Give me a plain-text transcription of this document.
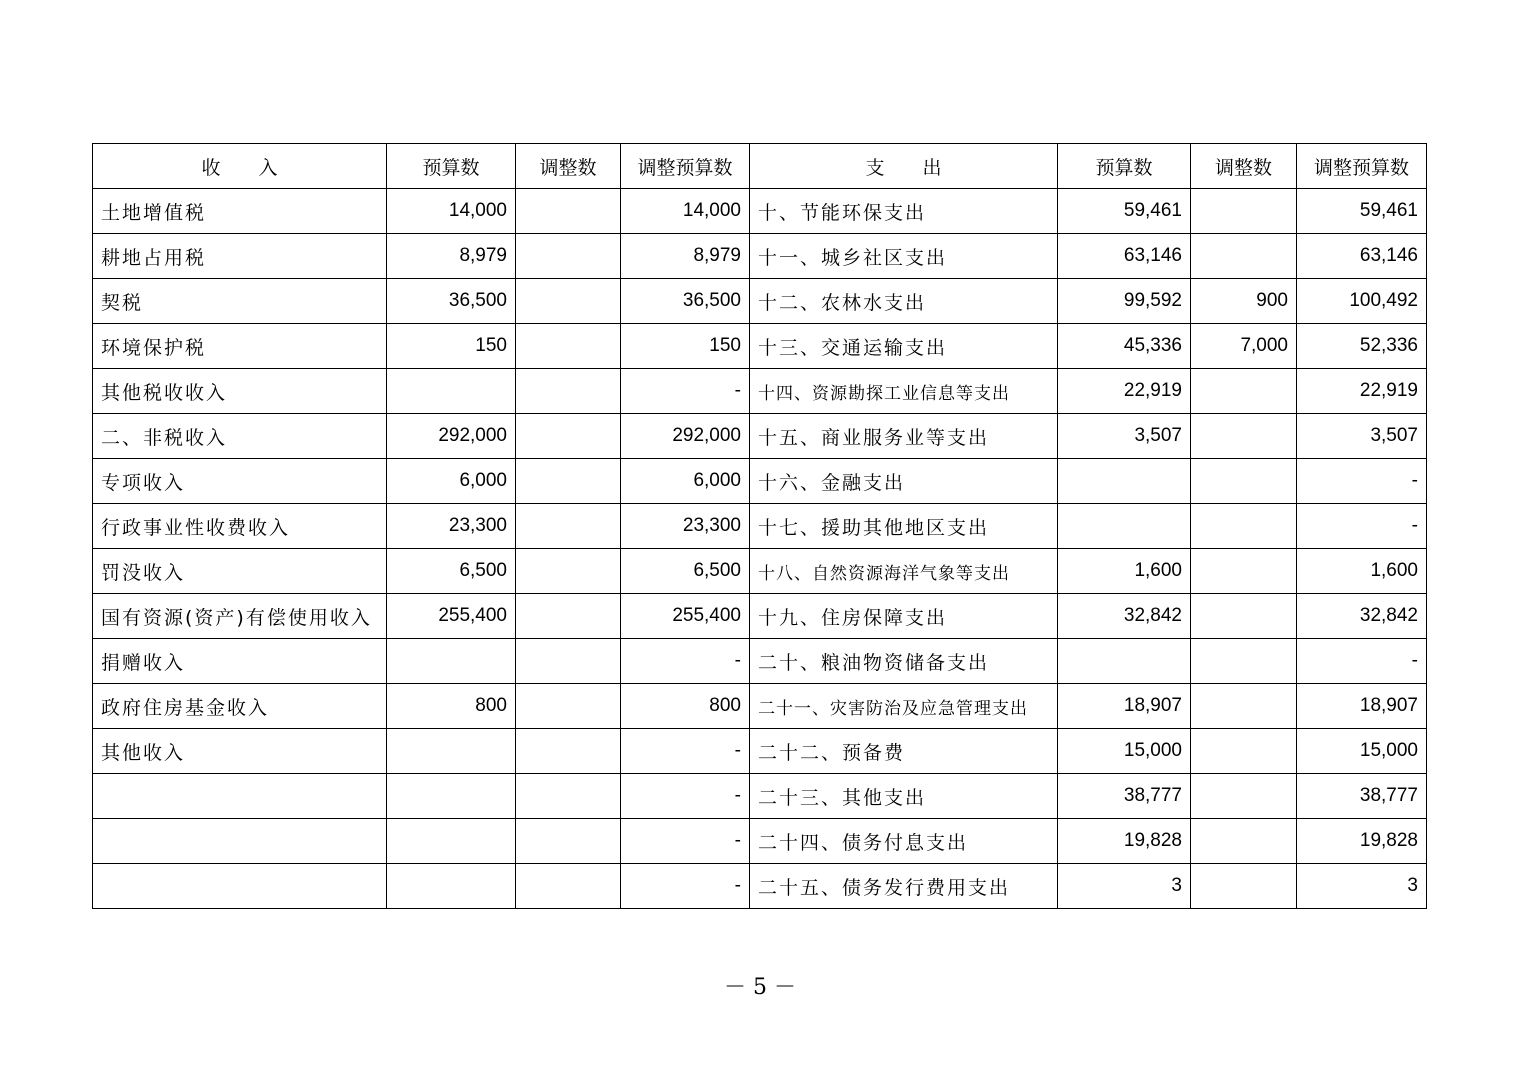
收　　入	预算数	调整数	调整预算数	支　　出	预算数	调整数	调整预算数
土地增值税	14,000		14,000	十、节能环保支出	59,461		59,461
耕地占用税	8,979		8,979	十一、城乡社区支出	63,146		63,146
契税	36,500		36,500	十二、农林水支出	99,592	900	100,492
环境保护税	150		150	十三、交通运输支出	45,336	7,000	52,336
其他税收收入			-	十四、资源勘探工业信息等支出	22,919		22,919
二、非税收入	292,000		292,000	十五、商业服务业等支出	3,507		3,507
专项收入	6,000		6,000	十六、金融支出			-
行政事业性收费收入	23,300		23,300	十七、援助其他地区支出			-
罚没收入	6,500		6,500	十八、自然资源海洋气象等支出	1,600		1,600
国有资源(资产)有偿使用收入	255,400		255,400	十九、住房保障支出	32,842		32,842
捐赠收入			-	二十、粮油物资储备支出			-
政府住房基金收入	800		800	二十一、灾害防治及应急管理支出	18,907		18,907
其他收入			-	二十二、预备费	15,000		15,000
			-	二十三、其他支出	38,777		38,777
			-	二十四、债务付息支出	19,828		19,828
			-	二十五、债务发行费用支出	3		3
－ 5 －
